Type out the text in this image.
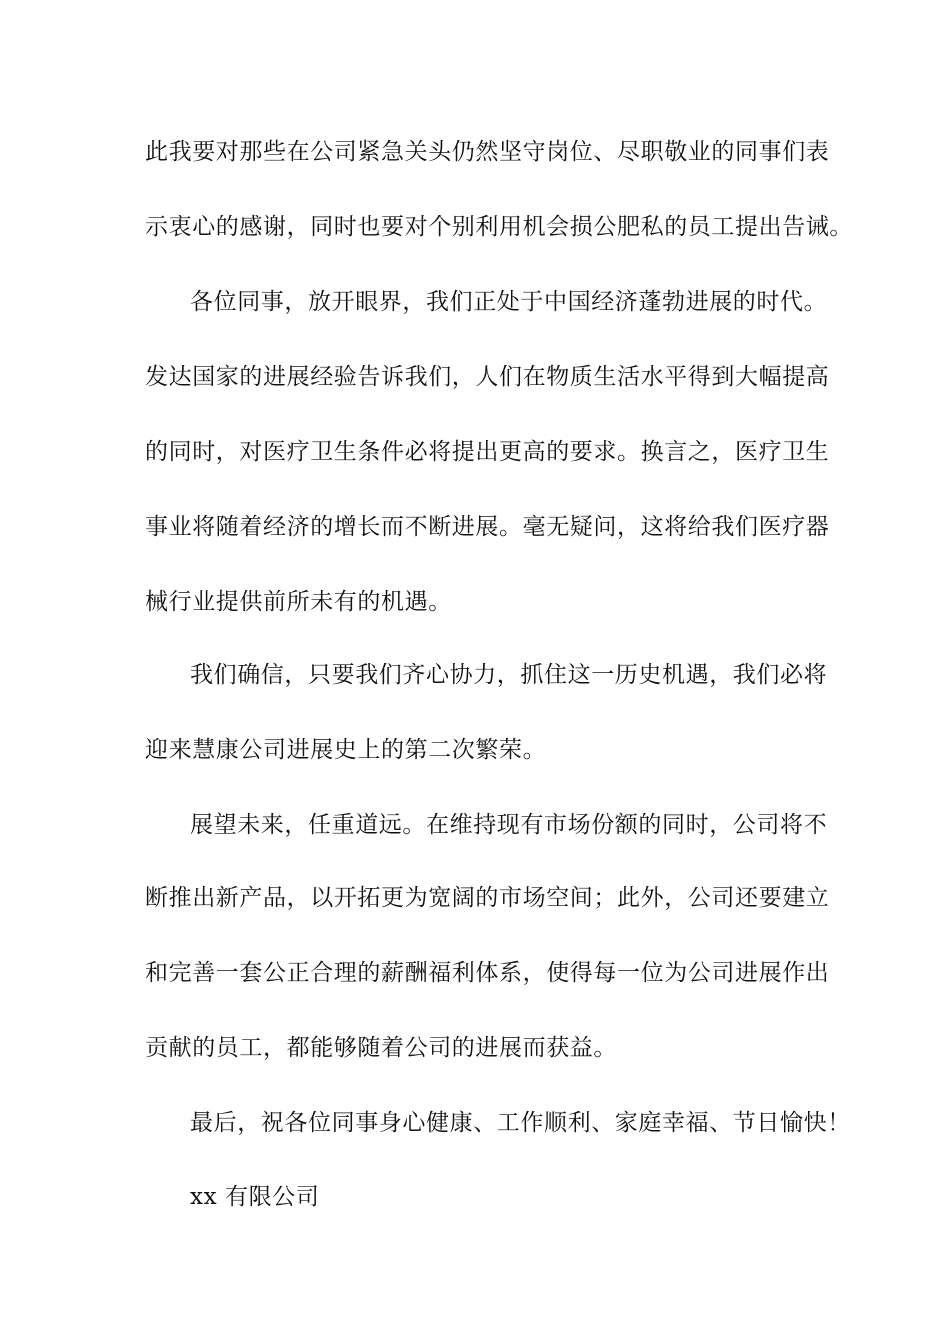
此我要对那些在公司紧急关头仍然坚守岗位、尽职敬业的同事们表
示衷心的感谢，同时也要对个别利用机会损公肥私的员工提出告诫。
各位同事，放开眼界，我们正处于中国经济蓬勃进展的时代。
发达国家的进展经验告诉我们，人们在物质生活水平得到大幅提高
的同时，对医疗卫生条件必将提出更高的要求。换言之，医疗卫生
事业将随着经济的增长而不断进展。毫无疑问，这将给我们医疗器
械行业提供前所未有的机遇。
我们确信，只要我们齐心协力，抓住这一历史机遇，我们必将
迎来慧康公司进展史上的第二次繁荣。
展望未来，任重道远。在维持现有市场份额的同时，公司将不
断推出新产品，以开拓更为宽阔的市场空间；此外，公司还要建立
和完善一套公正合理的薪酬福利体系，使得每一位为公司进展作出
贡献的员工，都能够随着公司的进展而获益。
最后，祝各位同事身心健康、工作顺利、家庭幸福、节日愉快！
xx 有限公司
